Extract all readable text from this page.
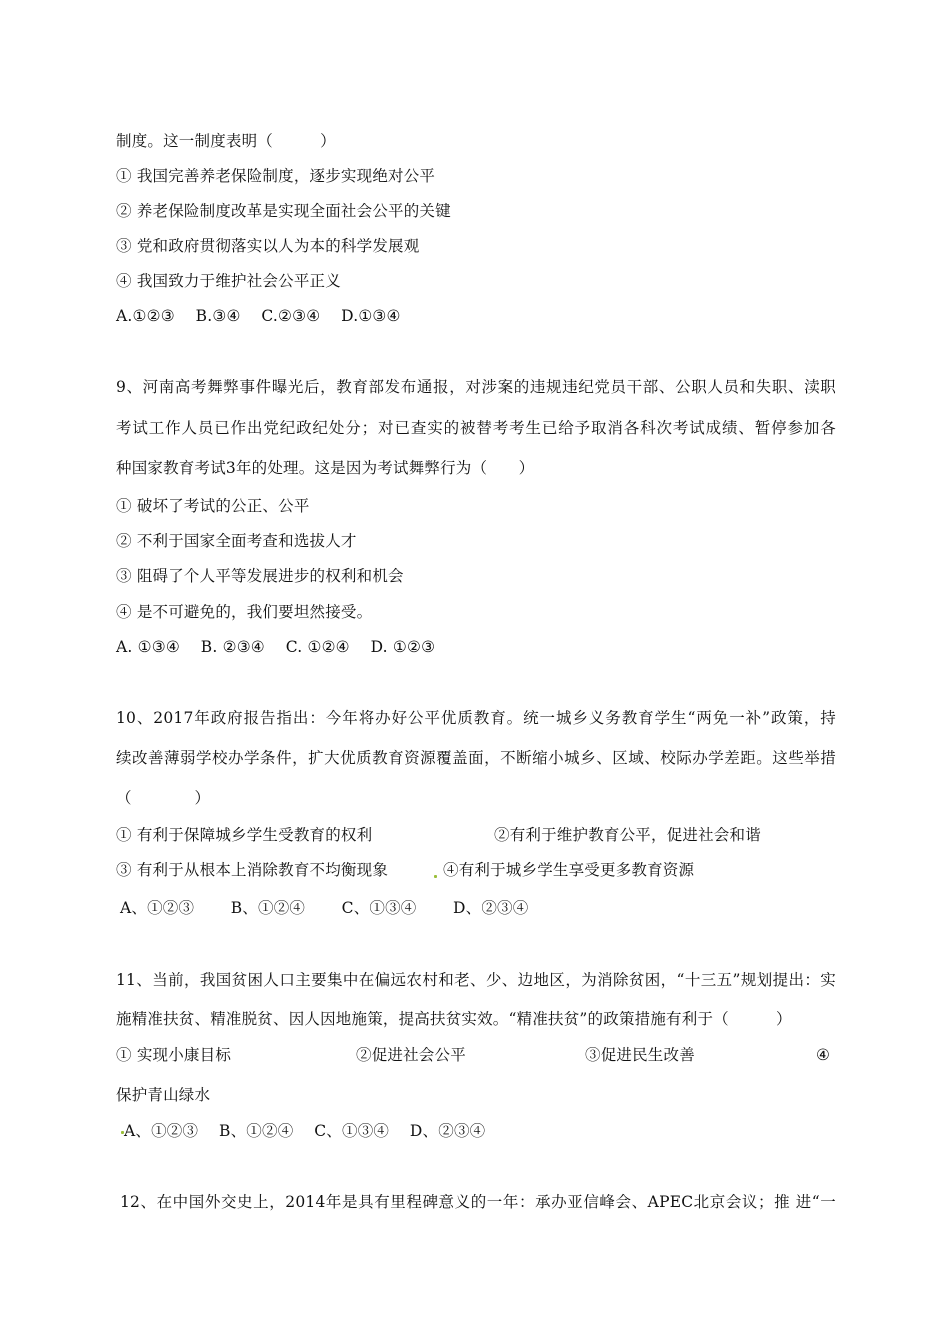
制度。这一制度表明（　　　）
① 我国完善养老保险制度，逐步实现绝对公平
② 养老保险制度改革是实现全面社会公平的关键
③ 党和政府贯彻落实以人为本的科学发展观
④ 我国致力于维护社会公平正义
A.①②③　 B.③④　 C.②③④　 D.①③④
9、河南高考舞弊事件曝光后，教育部发布通报，对涉案的违规违纪党员干部、公职人员和失职、渎职
考试工作人员已作出党纪政纪处分；对已查实的被替考考生已给予取消各科次考试成绩、暂停参加各
种国家教育考试3年的处理。这是因为考试舞弊行为（　　）
① 破坏了考试的公正、公平
② 不利于国家全面考查和选拔人才
③ 阻碍了个人平等发展进步的权利和机会
④ 是不可避免的，我们要坦然接受。
A. ①③④　 B. ②③④　 C. ①②④　 D. ①②③
10、2017年政府报告指出：今年将办好公平优质教育。统一城乡义务教育学生“两免一补”政策，持
续改善薄弱学校办学条件，扩大优质教育资源覆盖面，不断缩小城乡、区域、校际办学差距。这些举措
（　　　　）
① 有利于保障城乡学生受教育的权利	②有利于维护教育公平，促进社会和谐
③ 有利于从根本上消除教育不均衡现象	④有利于城乡学生享受更多教育资源
A、①②③　　 B、①②④　　 C、①③④　　 D、②③④
11、当前，我国贫困人口主要集中在偏远农村和老、少、边地区，为消除贫困，“十三五”规划提出：实
施精准扶贫、精准脱贫、因人因地施策，提高扶贫实效。“精准扶贫”的政策措施有利于（　　　）
① 实现小康目标	②促进社会公平	③促进民生改善	④
保护青山绿水
A、①②③　 B、①②④　 C、①③④　 D、②③④
12、在中国外交史上，2014年是具有里程碑意义的一年：承办亚信峰会、APEC北京会议；推 进“一
